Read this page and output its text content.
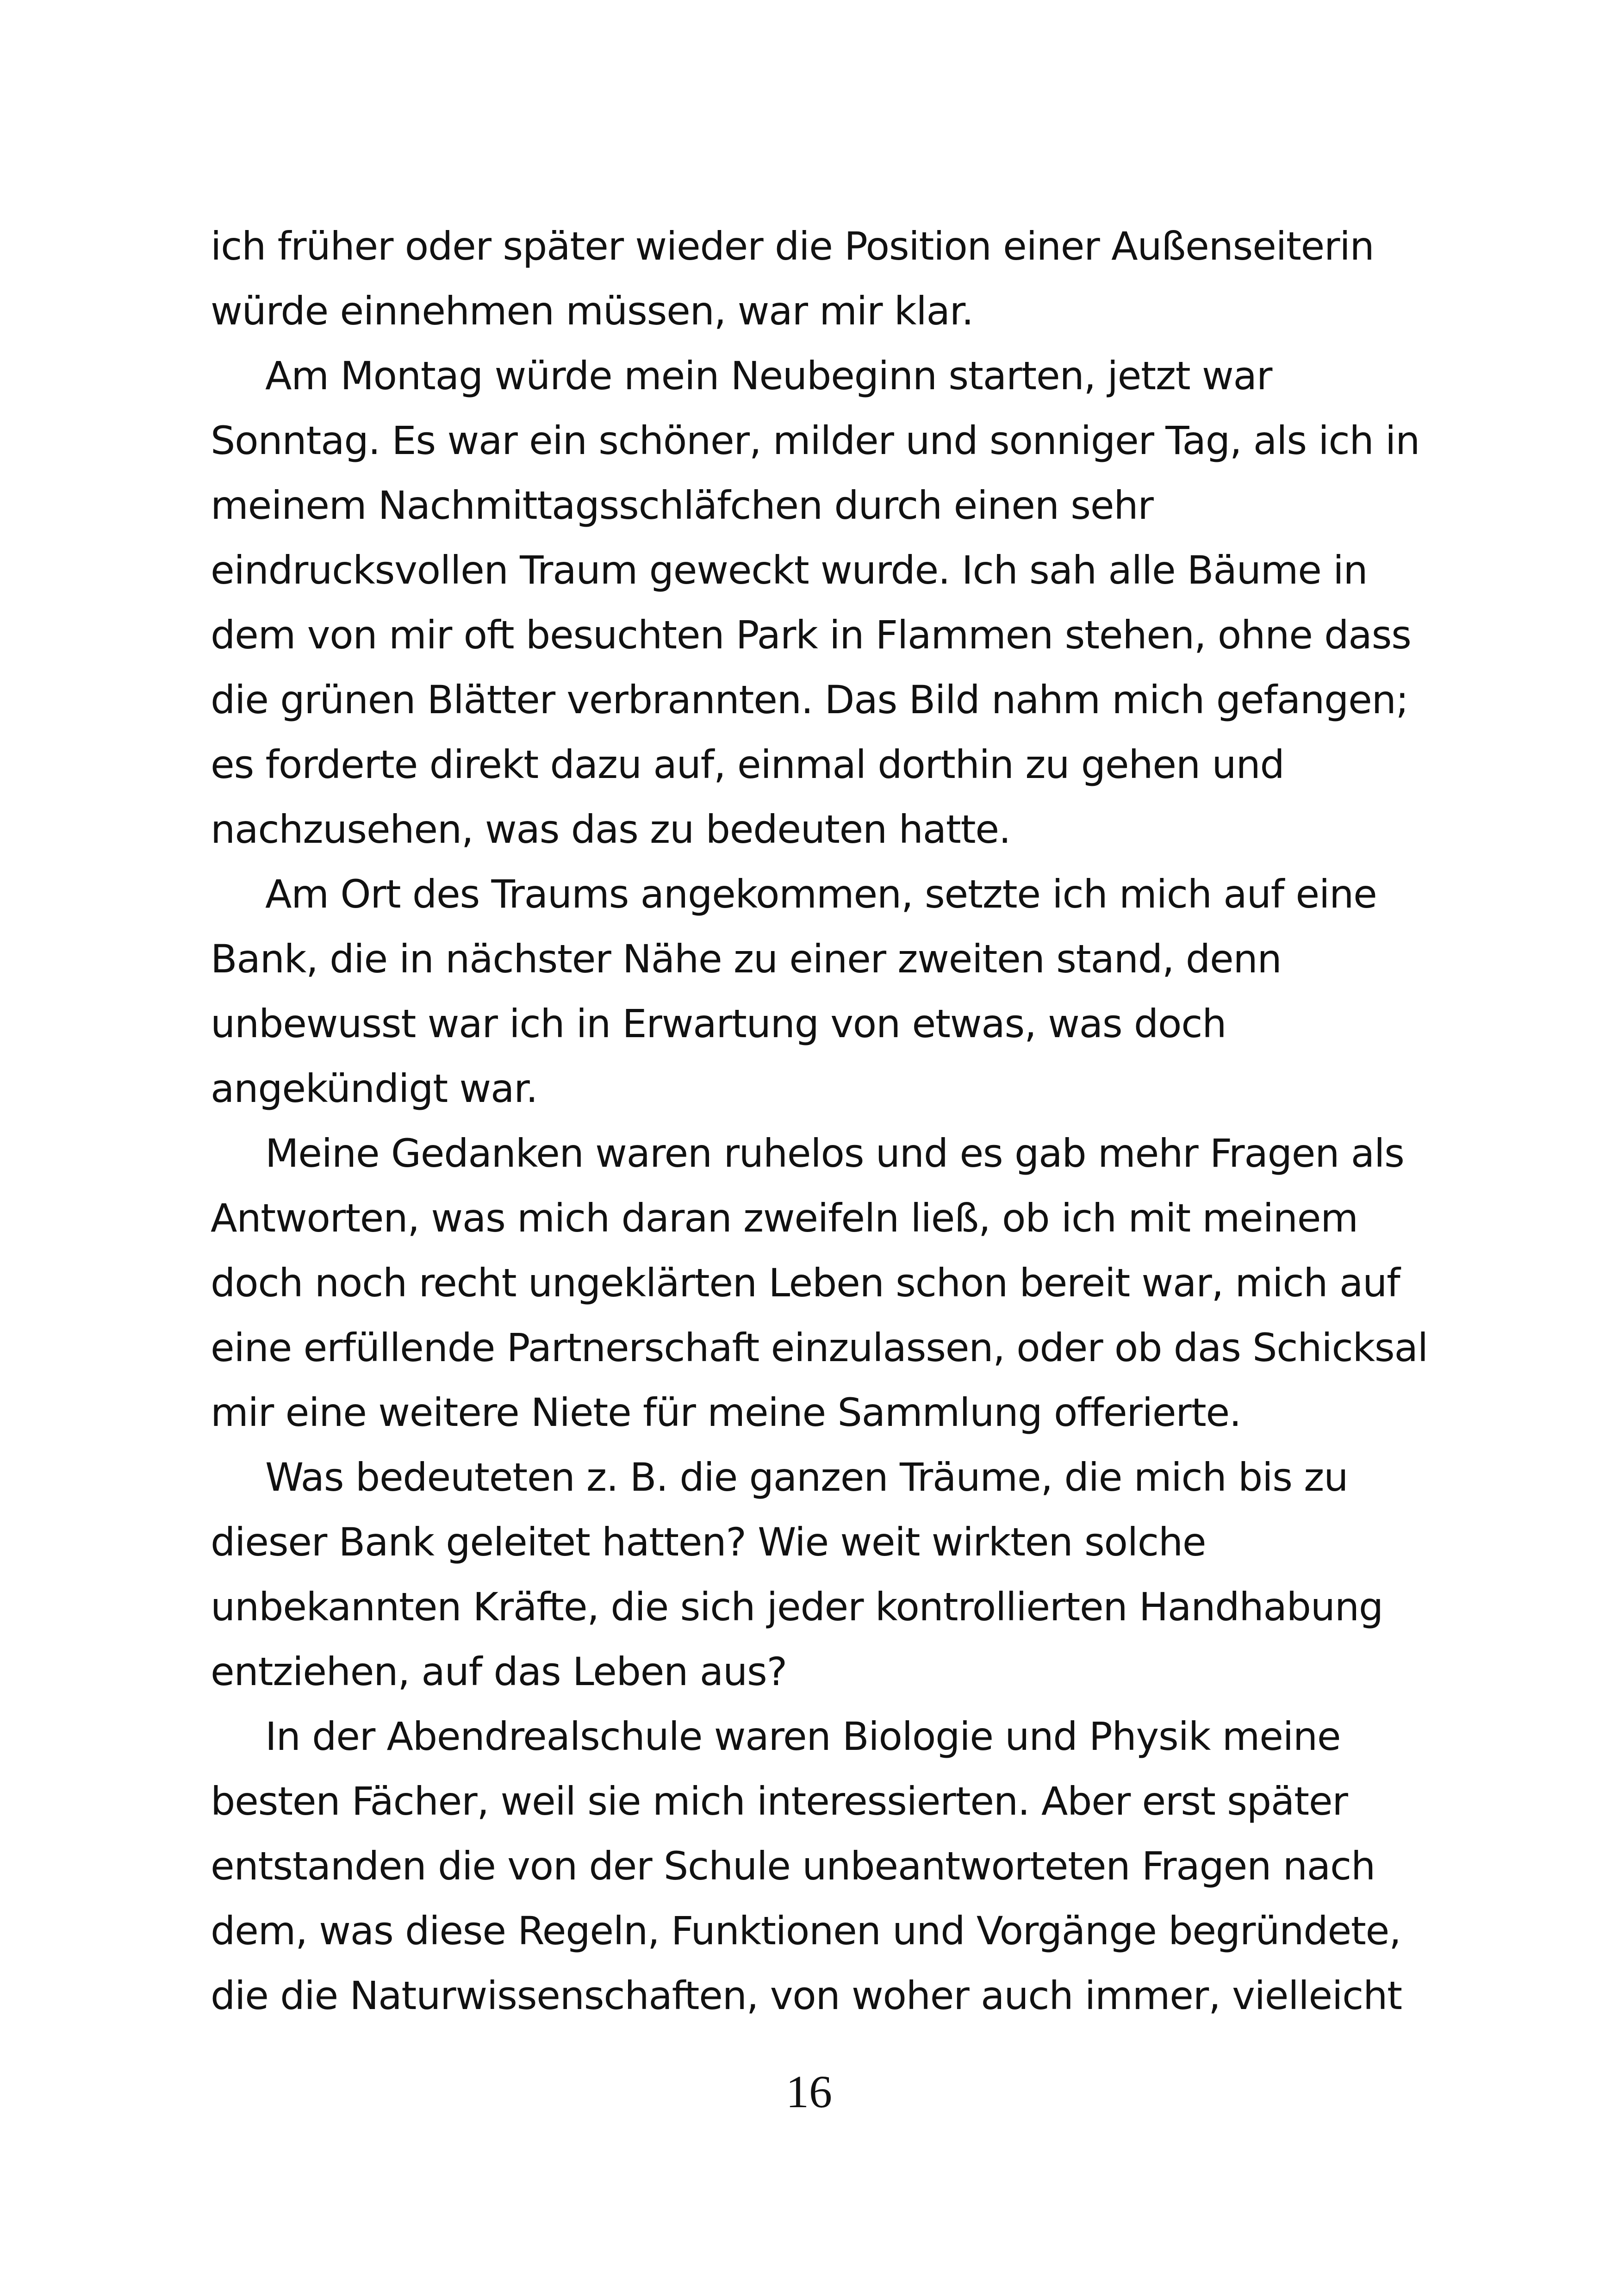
ich früher oder später wieder die Position einer Außenseiterin
würde einnehmen müssen, war mir klar.
Am Montag würde mein Neubeginn starten, jetzt war
Sonntag. Es war ein schöner, milder und sonniger Tag, als ich in
meinem Nachmittagsschläfchen durch einen sehr
eindrucksvollen Traum geweckt wurde. Ich sah alle Bäume in
dem von mir oft besuchten Park in Flammen stehen, ohne dass
die grünen Blätter verbrannten. Das Bild nahm mich gefangen;
es forderte direkt dazu auf, einmal dorthin zu gehen und
nachzusehen, was das zu bedeuten hatte.
Am Ort des Traums angekommen, setzte ich mich auf eine
Bank, die in nächster Nähe zu einer zweiten stand, denn
unbewusst war ich in Erwartung von etwas, was doch
angekündigt war.
Meine Gedanken waren ruhelos und es gab mehr Fragen als
Antworten, was mich daran zweifeln ließ, ob ich mit meinem
doch noch recht ungeklärten Leben schon bereit war, mich auf
eine erfüllende Partnerschaft einzulassen, oder ob das Schicksal
mir eine weitere Niete für meine Sammlung offerierte.
Was bedeuteten z. B. die ganzen Träume, die mich bis zu
dieser Bank geleitet hatten? Wie weit wirkten solche
unbekannten Kräfte, die sich jeder kontrollierten Handhabung
entziehen, auf das Leben aus?
In der Abendrealschule waren Biologie und Physik meine
besten Fächer, weil sie mich interessierten. Aber erst später
entstanden die von der Schule unbeantworteten Fragen nach
dem, was diese Regeln, Funktionen und Vorgänge begründete,
die die Naturwissenschaften, von woher auch immer, vielleicht
16
